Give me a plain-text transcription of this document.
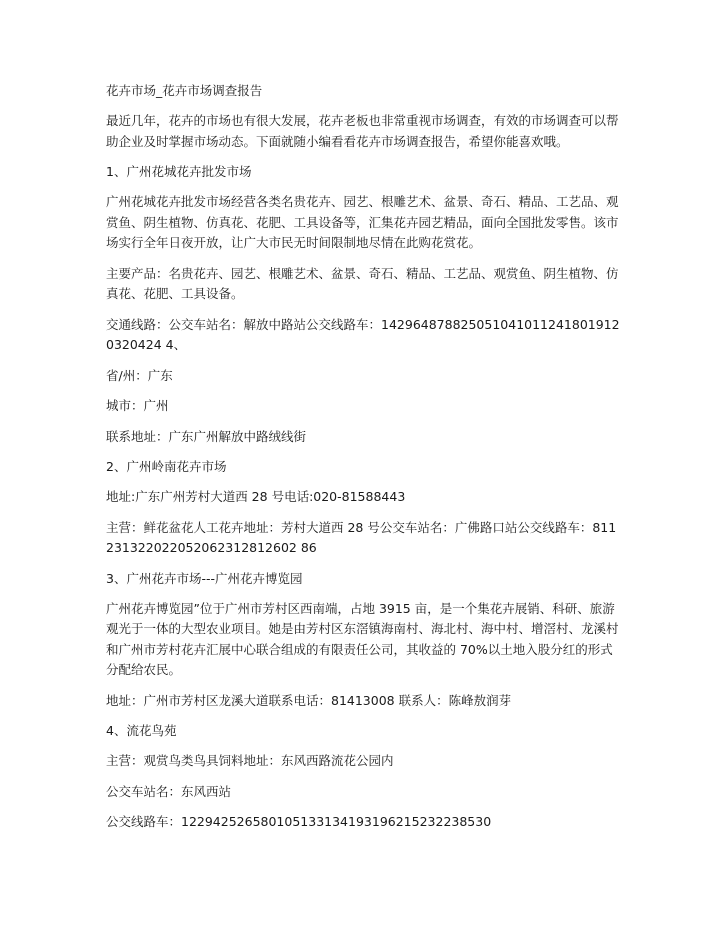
花卉市场_花卉市场调查报告
最近几年，花卉的市场也有很大发展，花卉老板也非常重视市场调查，有效的市场调查可以帮助企业及时掌握市场动态。下面就随小编看看花卉市场调查报告，希望你能喜欢哦。
1、广州花城花卉批发市场
广州花城花卉批发市场经营各类名贵花卉、园艺、根雕艺术、盆景、奇石、精品、工艺品、观赏鱼、阴生植物、仿真花、花肥、工具设备等，汇集花卉园艺精品，面向全国批发零售。该市场实行全年日夜开放，让广大市民无时间限制地尽情在此购花赏花。
主要产品：名贵花卉、园艺、根雕艺术、盆景、奇石、精品、工艺品、观赏鱼、阴生植物、仿真花、花肥、工具设备。
交通线路：公交车站名：解放中路站公交线路车：1429648788250510410112418019120320424 4、
省/州：广东
城市：广州
联系地址：广东广州解放中路绒线街
2、广州岭南花卉市场
地址:广东广州芳村大道西 28 号电话:020-81588443
主营：鲜花盆花人工花卉地址：芳村大道西 28 号公交车站名：广佛路口站公交线路车：811231322022052062312812602 86
3、广州花卉市场---广州花卉博览园
广州花卉博览园”位于广州市芳村区西南端，占地 3915 亩，是一个集花卉展销、科研、旅游观光于一体的大型农业项目。她是由芳村区东滘镇海南村、海北村、海中村、增滘村、龙溪村和广州市芳村花卉汇展中心联合组成的有限责任公司，其收益的 70%以土地入股分红的形式分配给农民。
地址：广州市芳村区龙溪大道联系电话：81413008 联系人：陈峰敖润芽
4、流花鸟苑
主营：观赏鸟类鸟具饲料地址：东风西路流花公园内
公交车站名：东风西站
公交线路车：122942526580105133134193196215232238530
